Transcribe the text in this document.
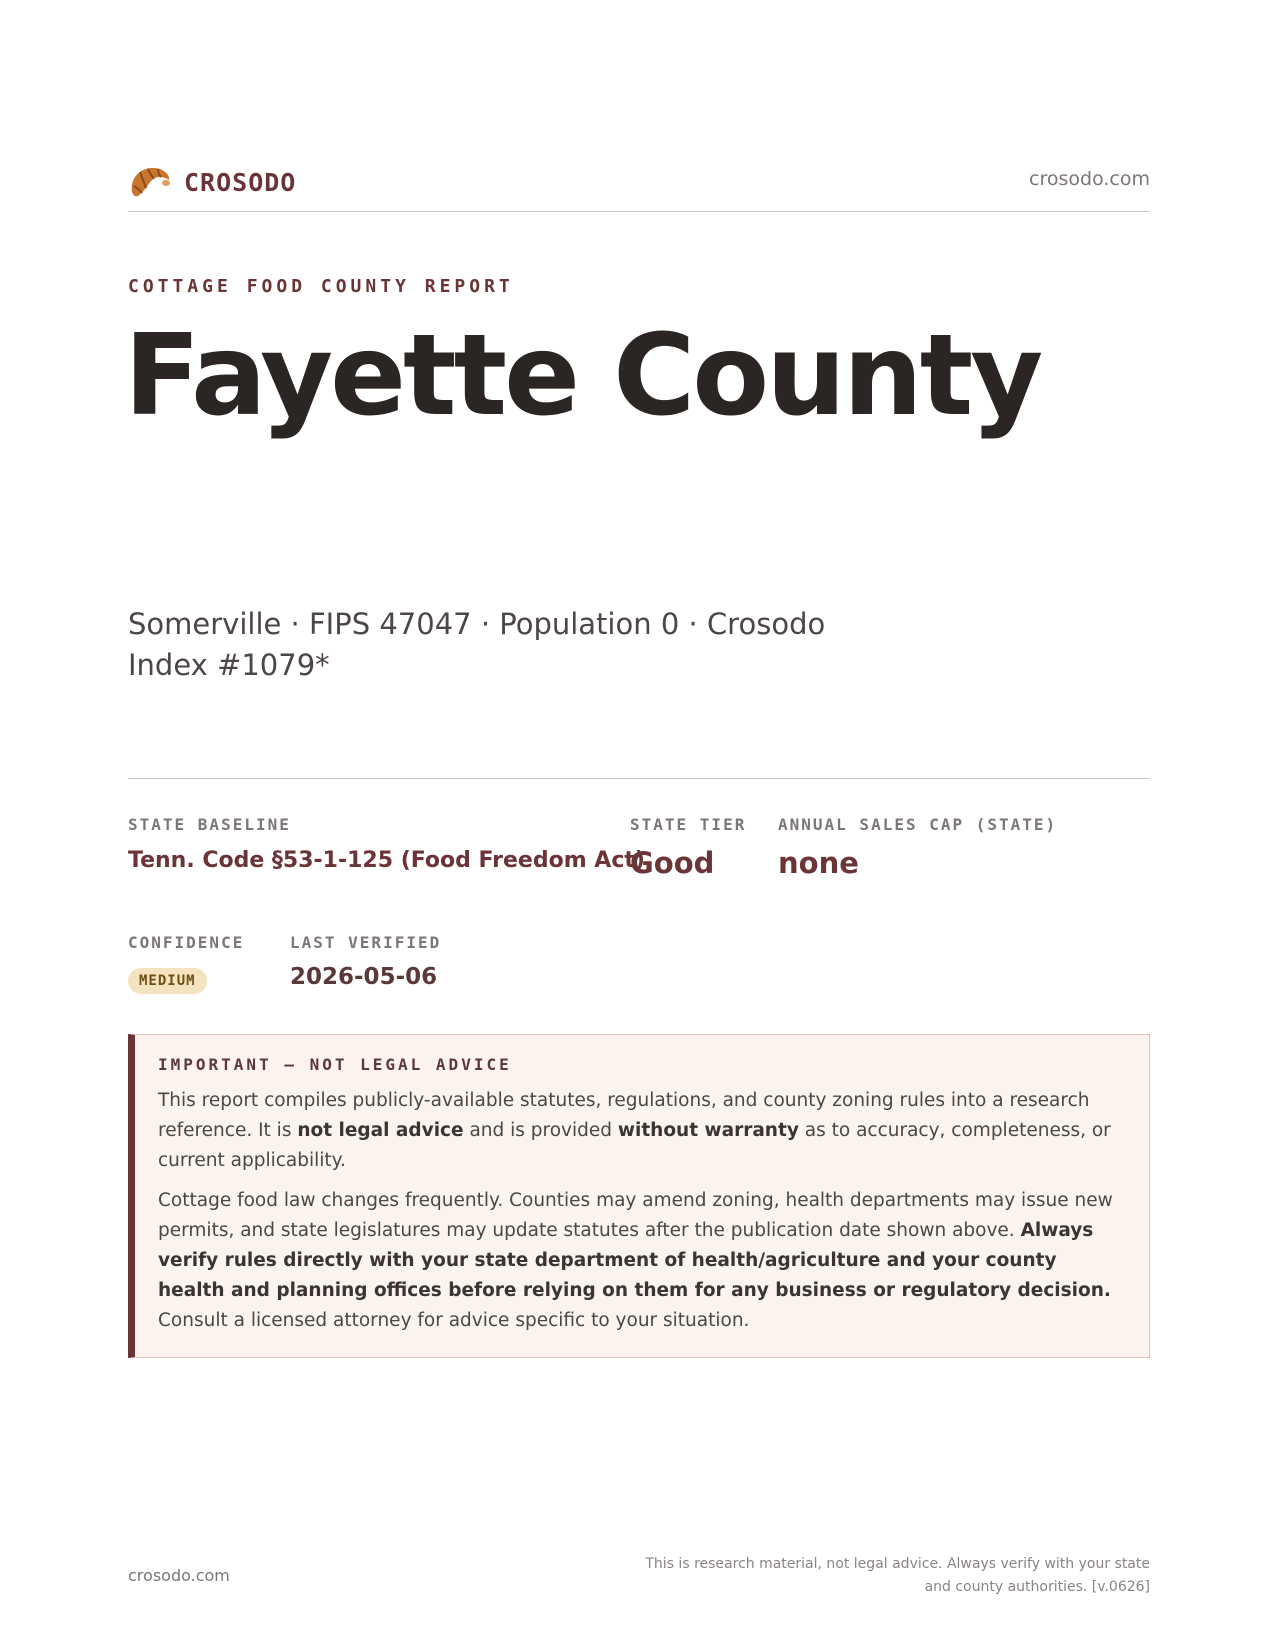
CROSODO	crosodo.com
COTTAGE FOOD COUNTY REPORT
Fayette County
Somerville · FIPS 47047 · Population 0 · Crosodo Index #1079*
STATE BASELINE
Tenn. Code §53-1-125 (Food Freedom Act)
STATE TIER
Good
ANNUAL SALES CAP (STATE)
none
CONFIDENCE
MEDIUM
LAST VERIFIED
2026-05-06
IMPORTANT — NOT LEGAL ADVICE

This report compiles publicly-available statutes, regulations, and county zoning rules into a research reference. It is not legal advice and is provided without warranty as to accuracy, completeness, or current applicability.

Cottage food law changes frequently. Counties may amend zoning, health departments may issue new permits, and state legislatures may update statutes after the publication date shown above. Always verify rules directly with your state department of health/agriculture and your county health and planning offices before relying on them for any business or regulatory decision. Consult a licensed attorney for advice specific to your situation.

crosodo.com
This is research material, not legal advice. Always verify with your state and county authorities. [v.0626]
